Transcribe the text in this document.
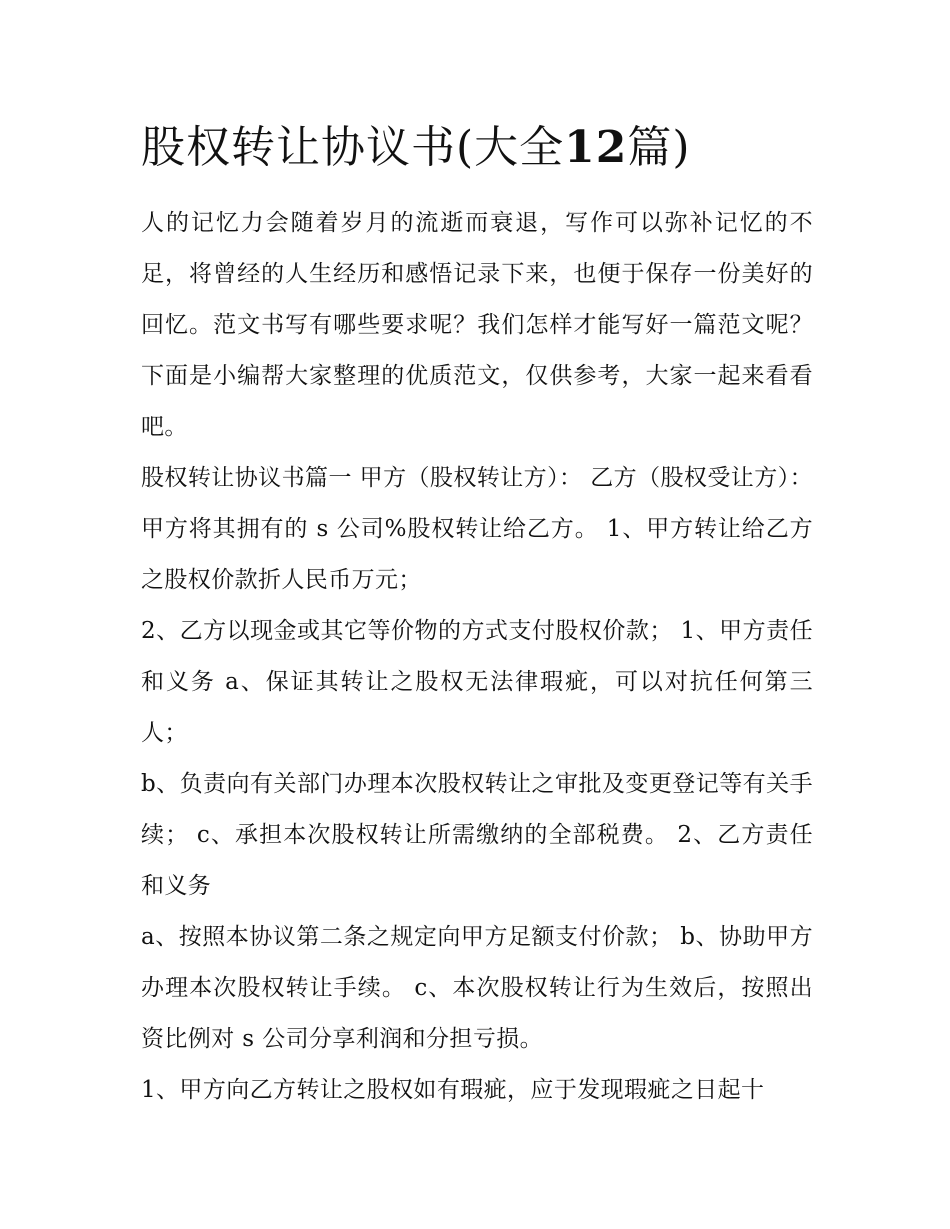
股权转让协议书(大全12篇)

人的记忆力会随着岁月的流逝而衰退，写作可以弥补记忆的不足，将曾经的人生经历和感悟记录下来，也便于保存一份美好的回忆。范文书写有哪些要求呢？我们怎样才能写好一篇范文呢？下面是小编帮大家整理的优质范文，仅供参考，大家一起来看看吧。

股权转让协议书篇一 甲方（股权转让方）： 乙方（股权受让方）： 甲方将其拥有的 s 公司%股权转让给乙方。 1、甲方转让给乙方之股权价款折人民币万元；

2、乙方以现金或其它等价物的方式支付股权价款； 1、甲方责任和义务 a、保证其转让之股权无法律瑕疵，可以对抗任何第三人；

b、负责向有关部门办理本次股权转让之审批及变更登记等有关手续； c、承担本次股权转让所需缴纳的全部税费。 2、乙方责任和义务

a、按照本协议第二条之规定向甲方足额支付价款； b、协助甲方办理本次股权转让手续。 c、本次股权转让行为生效后，按照出资比例对 s 公司分享利润和分担亏损。

1、甲方向乙方转让之股权如有瑕疵，应于发现瑕疵之日起十
